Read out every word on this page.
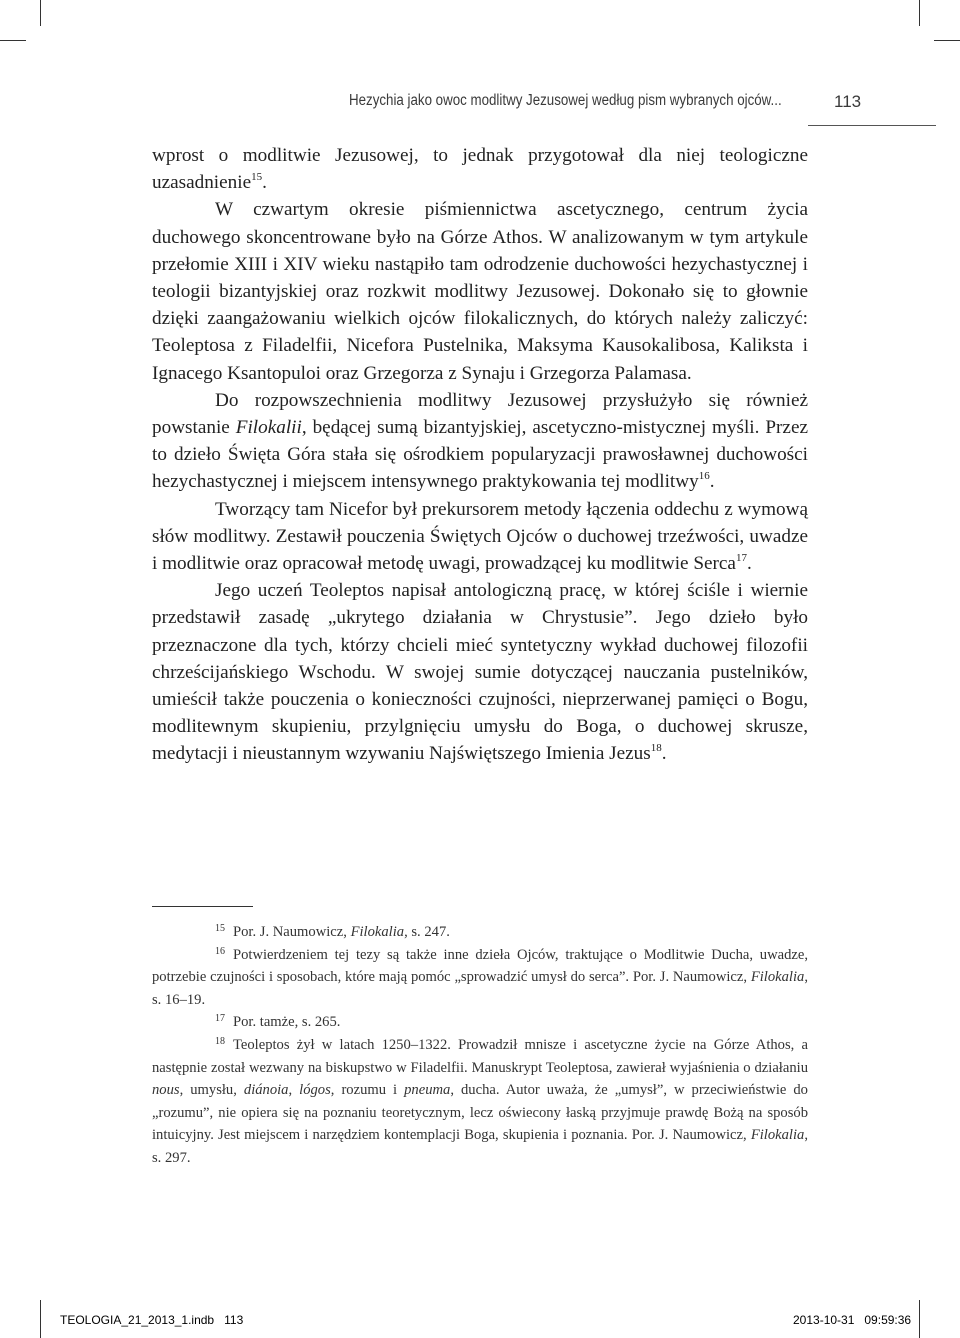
Hezychia jako owoc modlitwy Jezusowej według pism wybranych ojców...	113

wprost o modlitwie Jezusowej, to jednak przygotował dla niej teologiczne uzasadnienie$^{15}$.

W czwartym okresie piśmiennictwa ascetycznego, centrum życia duchowego skoncentrowane było na Górze Athos. W analizowanym w tym artykule przełomie XIII i XIV wieku nastąpiło tam odrodzenie duchowości hezychastycznej i teologii bizantyjskiej oraz rozkwit modlitwy Jezusowej. Dokonało się to głownie dzięki zaangażowaniu wielkich ojców filokalicznych, do których należy zaliczyć: Teoleptosa z Filadelfii, Nicefora Pustelnika, Maksyma Kausokalibosa, Kaliksta i Ignacego Ksantopuloi oraz Grzegorza z Synaju i Grzegorza Palamasa.

Do rozpowszechnienia modlitwy Jezusowej przysłużyło się również powstanie Filokalii, będącej sumą bizantyjskiej, ascetyczno-mistycznej myśli. Przez to dzieło Święta Góra stała się ośrodkiem popularyzacji prawosławnej duchowości hezychastycznej i miejscem intensywnego praktykowania tej modlitwy$^{16}$.

Tworzący tam Nicefor był prekursorem metody łączenia oddechu z wymową słów modlitwy. Zestawił pouczenia Świętych Ojców o duchowej trzeźwości, uwadze i modlitwie oraz opracował metodę uwagi, prowadzącej ku modlitwie Serca$^{17}$.

Jego uczeń Teoleptos napisał antologiczną pracę, w której ściśle i wiernie przedstawił zasadę „ukrytego działania w Chrystusie”. Jego dzieło było przeznaczone dla tych, którzy chcieli mieć syntetyczny wykład duchowej filozofii chrześcijańskiego Wschodu. W swojej sumie dotyczącej nauczania pustelników, umieścił także pouczenia o konieczności czujności, nieprzerwanej pamięci o Bogu, modlitewnym skupieniu, przylgnięciu umysłu do Boga, o duchowej skrusze, medytacji i nieustannym wzywaniu Najświętszego Imienia Jezus$^{18}$.

$^{15}$ Por. J. Naumowicz, Filokalia, s. 247.

$^{16}$ Potwierdzeniem tej tezy są także inne dzieła Ojców, traktujące o Modlitwie Ducha, uwadze, potrzebie czujności i sposobach, które mają pomóc „sprowadzić umysł do serca”. Por. J. Naumowicz, Filokalia, s. 16–19.

$^{17}$ Por. tamże, s. 265.

$^{18}$ Teoleptos żył w latach 1250–1322. Prowadził mnisze i ascetyczne życie na Górze Athos, a następnie został wezwany na biskupstwo w Filadelfii. Manuskrypt Teoleptosa, zawierał wyjaśnienia o działaniu nous, umysłu, diánoia, lógos, rozumu i pneuma, ducha. Autor uważa, że „umysł”, w przeciwieństwie do „rozumu”, nie opiera się na poznaniu teoretycznym, lecz oświecony łaską przyjmuje prawdę Bożą na sposób intuicyjny. Jest miejscem i narzędziem kontemplacji Boga, skupienia i poznania. Por. J. Naumowicz, Filokalia, s. 297.

TEOLOGIA_21_2013_1.indb   113	2013-10-31   09:59:36
